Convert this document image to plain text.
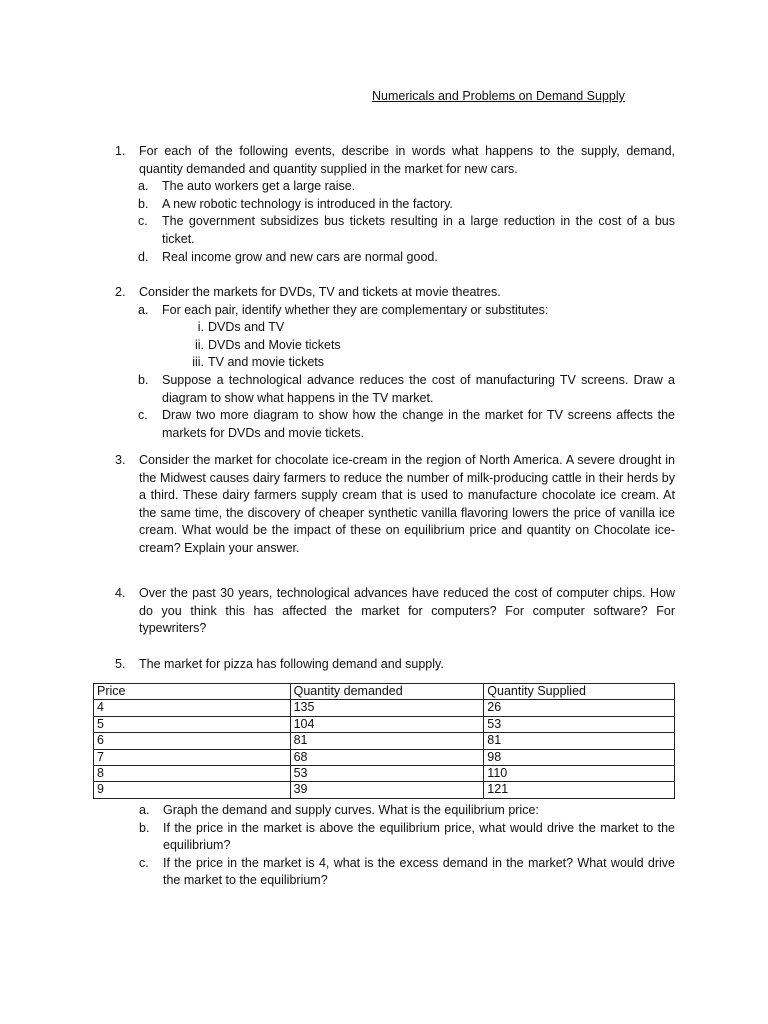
Numericals and Problems on Demand Supply
1.	For each of the following events, describe in words what happens to the supply, demand, quantity demanded and quantity supplied in the market for new cars.
a. The auto workers get a large raise.
b. A new robotic technology is introduced in the factory.
c. The government subsidizes bus tickets resulting in a large reduction in the cost of a bus ticket.
d. Real income grow and new cars are normal good.
2.	Consider the markets for DVDs, TV and tickets at movie theatres.
a. For each pair, identify whether they are complementary or substitutes:
i. DVDs and TV
ii. DVDs and Movie tickets
iii. TV and movie tickets
b. Suppose a technological advance reduces the cost of manufacturing TV screens. Draw a diagram to show what happens in the TV market.
c. Draw two more diagram to show how the change in the market for TV screens affects the markets for DVDs and movie tickets.
3.	Consider the market for chocolate ice-cream in the region of North America. A severe drought in the Midwest causes dairy farmers to reduce the number of milk-producing cattle in their herds by a third. These dairy farmers supply cream that is used to manufacture chocolate ice cream. At the same time, the discovery of cheaper synthetic vanilla flavoring lowers the price of vanilla ice cream. What would be the impact of these on equilibrium price and quantity on Chocolate ice-cream? Explain your answer.
4.	Over the past 30 years, technological advances have reduced the cost of computer chips. How do you think this has affected the market for computers? For computer software? For typewriters?
5.	The market for pizza has following demand and supply.
Price	Quantity demanded	Quantity Supplied
4	135	26
5	104	53
6	81	81
7	68	98
8	53	110
9	39	121
a. Graph the demand and supply curves. What is the equilibrium price:
b. If the price in the market is above the equilibrium price, what would drive the market to the equilibrium?
c. If the price in the market is 4, what is the excess demand in the market? What would drive the market to the equilibrium?
